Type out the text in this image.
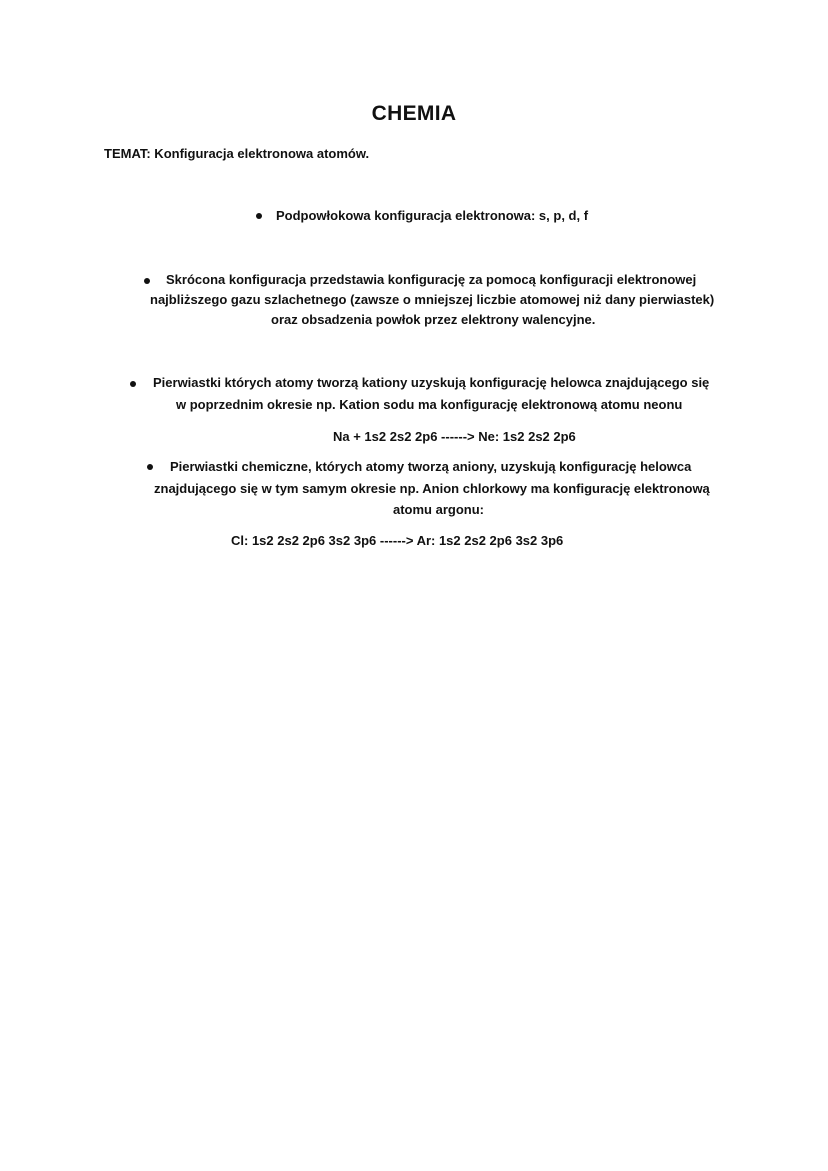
CHEMIA
TEMAT: Konfiguracja elektronowa atomów.
Podpowłokowa konfiguracja elektronowa: s, p, d, f
Skrócona konfiguracja przedstawia konfigurację za pomocą konfiguracji elektronowej
najbliższego gazu szlachetnego (zawsze o mniejszej liczbie atomowej niż dany pierwiastek)
oraz obsadzenia powłok przez elektrony walencyjne.
Pierwiastki których atomy tworzą kationy uzyskują konfigurację helowca znajdującego się
w poprzednim okresie np. Kation sodu ma konfigurację elektronową atomu neonu
Na + 1s2 2s2 2p6 ------> Ne: 1s2 2s2 2p6
Pierwiastki chemiczne, których atomy tworzą aniony, uzyskują konfigurację helowca
znajdującego się w tym samym okresie np. Anion chlorkowy ma konfigurację elektronową
atomu argonu:
Cl: 1s2 2s2 2p6 3s2 3p6 ------> Ar: 1s2 2s2 2p6 3s2 3p6
